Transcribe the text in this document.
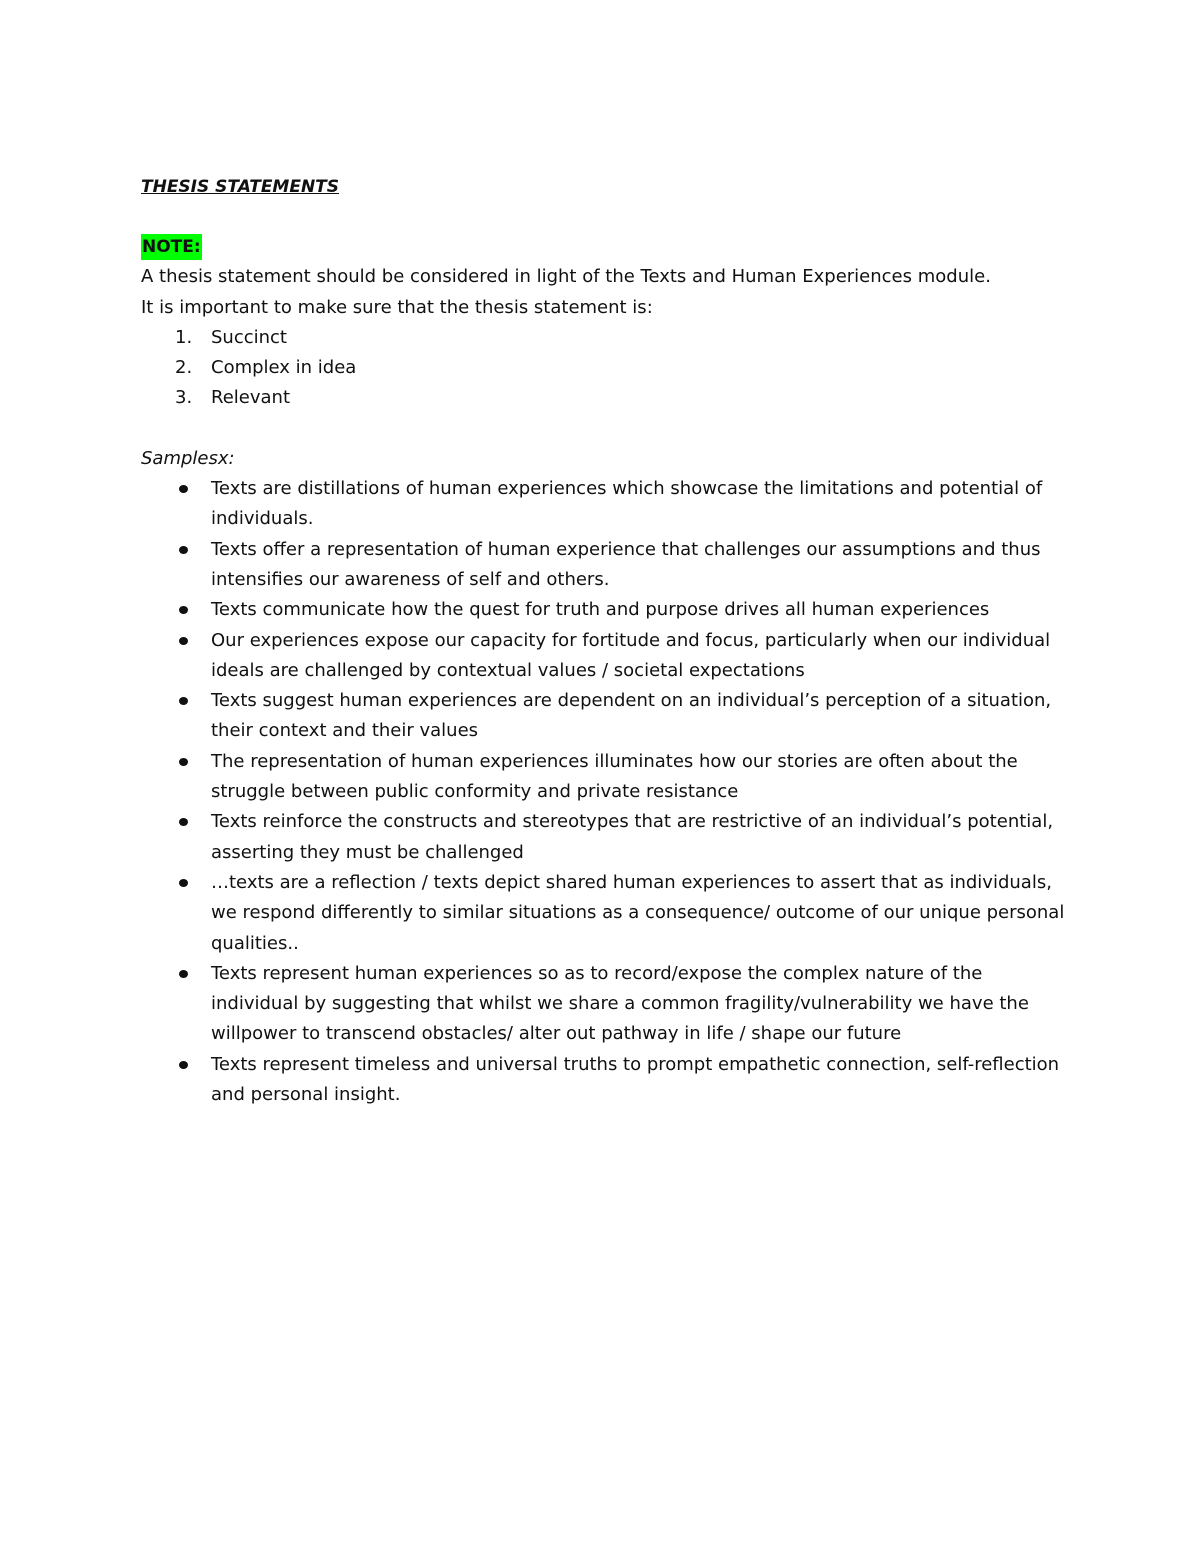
THESIS STATEMENTS

NOTE:

A thesis statement should be considered in light of the Texts and Human Experiences module.

It is important to make sure that the thesis statement is:

1. Succinct
2. Complex in idea
3. Relevant

Samplesx:

Texts are distillations of human experiences which showcase the limitations and potential of individuals.
Texts offer a representation of human experience that challenges our assumptions and thus intensifies our awareness of self and others.
Texts communicate how the quest for truth and purpose drives all human experiences
Our experiences expose our capacity for fortitude and focus, particularly when our individual ideals are challenged by contextual values / societal expectations
Texts suggest human experiences are dependent on an individual’s perception of a situation, their context and their values
The representation of human experiences illuminates how our stories are often about the struggle between public conformity and private resistance
Texts reinforce the constructs and stereotypes that are restrictive of an individual’s potential, asserting they must be challenged
…texts are a reflection / texts depict shared human experiences to assert that as individuals, we respond differently to similar situations as a consequence/ outcome of our unique personal qualities..
Texts represent human experiences so as to record/expose the complex nature of the individual by suggesting that whilst we share a common fragility/vulnerability we have the willpower to transcend obstacles/ alter out pathway in life / shape our future
Texts represent timeless and universal truths to prompt empathetic connection, self-reflection and personal insight.
